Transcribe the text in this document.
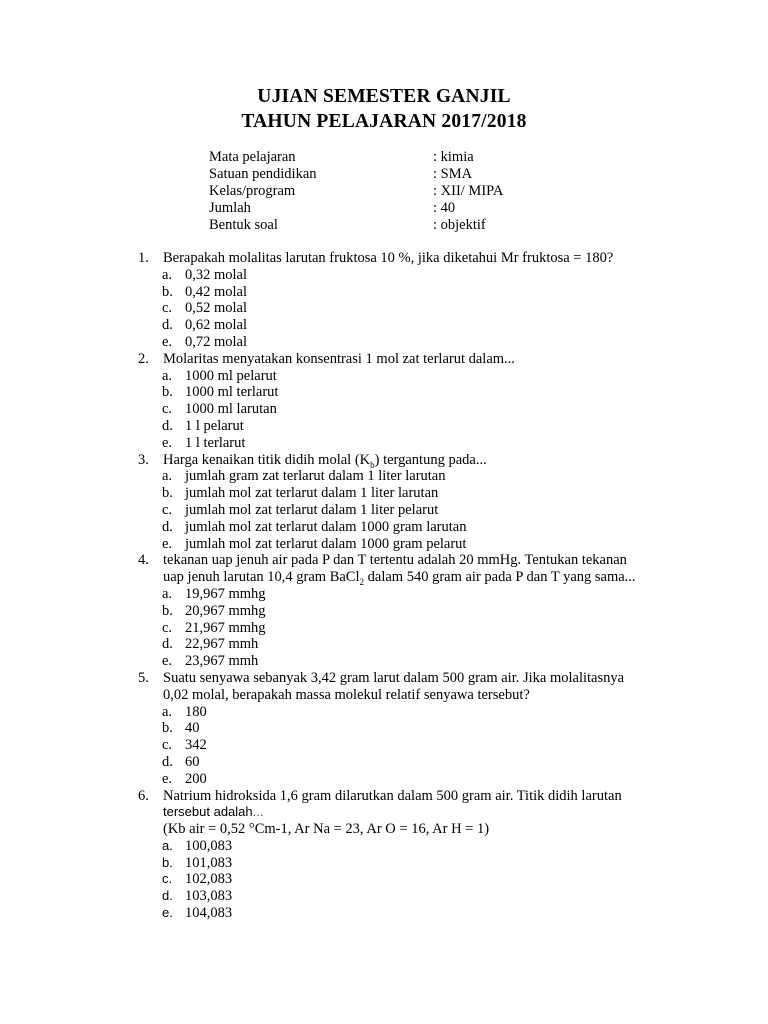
UJIAN SEMESTER GANJIL
TAHUN PELAJARAN 2017/2018
Mata pelajaran	: kimia
Satuan pendidikan	: SMA
Kelas/program	: XII/ MIPA
Jumlah	: 40
Bentuk soal	: objektif
1. Berapakah molalitas larutan fruktosa 10 %, jika diketahui Mr fruktosa = 180?
a. 0,32 molal
b. 0,42 molal
c. 0,52 molal
d. 0,62 molal
e. 0,72 molal
2. Molaritas menyatakan konsentrasi 1 mol zat terlarut dalam...
a. 1000 ml pelarut
b. 1000 ml terlarut
c. 1000 ml larutan
d. 1 l pelarut
e. 1 l terlarut
3. Harga kenaikan titik didih molal $(K_b)$ tergantung pada...
a. jumlah gram zat terlarut dalam 1 liter larutan
b. jumlah mol zat terlarut dalam 1 liter larutan
c. jumlah mol zat terlarut dalam 1 liter pelarut
d. jumlah mol zat terlarut dalam 1000 gram larutan
e. jumlah mol zat terlarut dalam 1000 gram pelarut
4. tekanan uap jenuh air pada P dan T tertentu adalah 20 mmHg. Tentukan tekanan
uap jenuh larutan 10,4 gram BaCl$_2$ dalam 540 gram air pada P dan T yang sama...
a. 19,967 mmhg
b. 20,967 mmhg
c. 21,967 mmhg
d. 22,967 mmh
e. 23,967 mmh
5. Suatu senyawa sebanyak 3,42 gram larut dalam 500 gram air. Jika molalitasnya
0,02 molal, berapakah massa molekul relatif senyawa tersebut?
a. 180
b. 40
c. 342
d. 60
e. 200
6. Natrium hidroksida 1,6 gram dilarutkan dalam 500 gram air. Titik didih larutan
tersebut adalah...
(Kb air = 0,52 °Cm-1, Ar Na = 23, Ar O = 16, Ar H = 1)
a. 100,083
b. 101,083
c. 102,083
d. 103,083
e. 104,083
